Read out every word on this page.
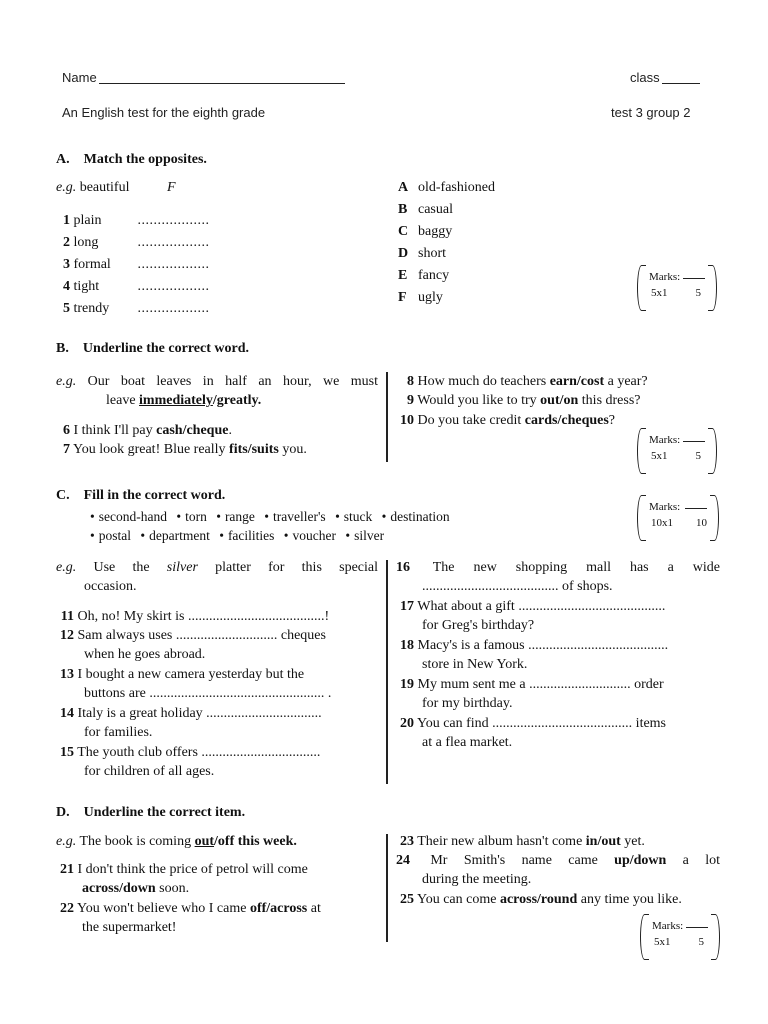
Name	class
An English test for the eighth grade	test 3 group 2
A. Match the opposites.
e.g. beautiful	F
1 plain	..................
2 long	..................
3 formal ..................
4 tight	..................
5 trendy ..................
A old-fashioned
B casual
C baggy
D short
E fancy
F ugly
Marks:
5x1	5
B. Underline the correct word.
e.g. Our boat leaves in half an hour, we must
leave immediately/greatly.
6 I think I'll pay cash/cheque.
7 You look great! Blue really fits/suits you.
8 How much do teachers earn/cost a year?
9 Would you like to try out/on this dress?
10 Do you take credit cards/cheques?
Marks:
5x1	5
C. Fill in the correct word.
• second-hand • torn • range • traveller's • stuck • destination
• postal • department • facilities • voucher • silver
Marks:
10x1 10
e.g. Use the silver platter for this special
occasion.
11 Oh, no! My skirt is .......................................!
12 Sam always uses ............................. cheques
when he goes abroad.
13 I bought a new camera yesterday but the
buttons are .................................................. .
14 Italy is a great holiday .................................
for families.
15 The youth club offers ..................................
for children of all ages.
16 The new shopping mall has a wide
....................................... of shops.
17 What about a gift ..........................................
for Greg's birthday?
18 Macy's is a famous ........................................
store in New York.
19 My mum sent me a ............................. order
for my birthday.
20 You can find ........................................ items
at a flea market.
D. Underline the correct item.
e.g. The book is coming out/off this week.
21 I don't think the price of petrol will come
across/down soon.
22 You won't believe who I came off/across at
the supermarket!
23 Their new album hasn't come in/out yet.
24 Mr Smith's name came up/down a lot
during the meeting.
25 You can come across/round any time you like.
Marks:
5x1	5
